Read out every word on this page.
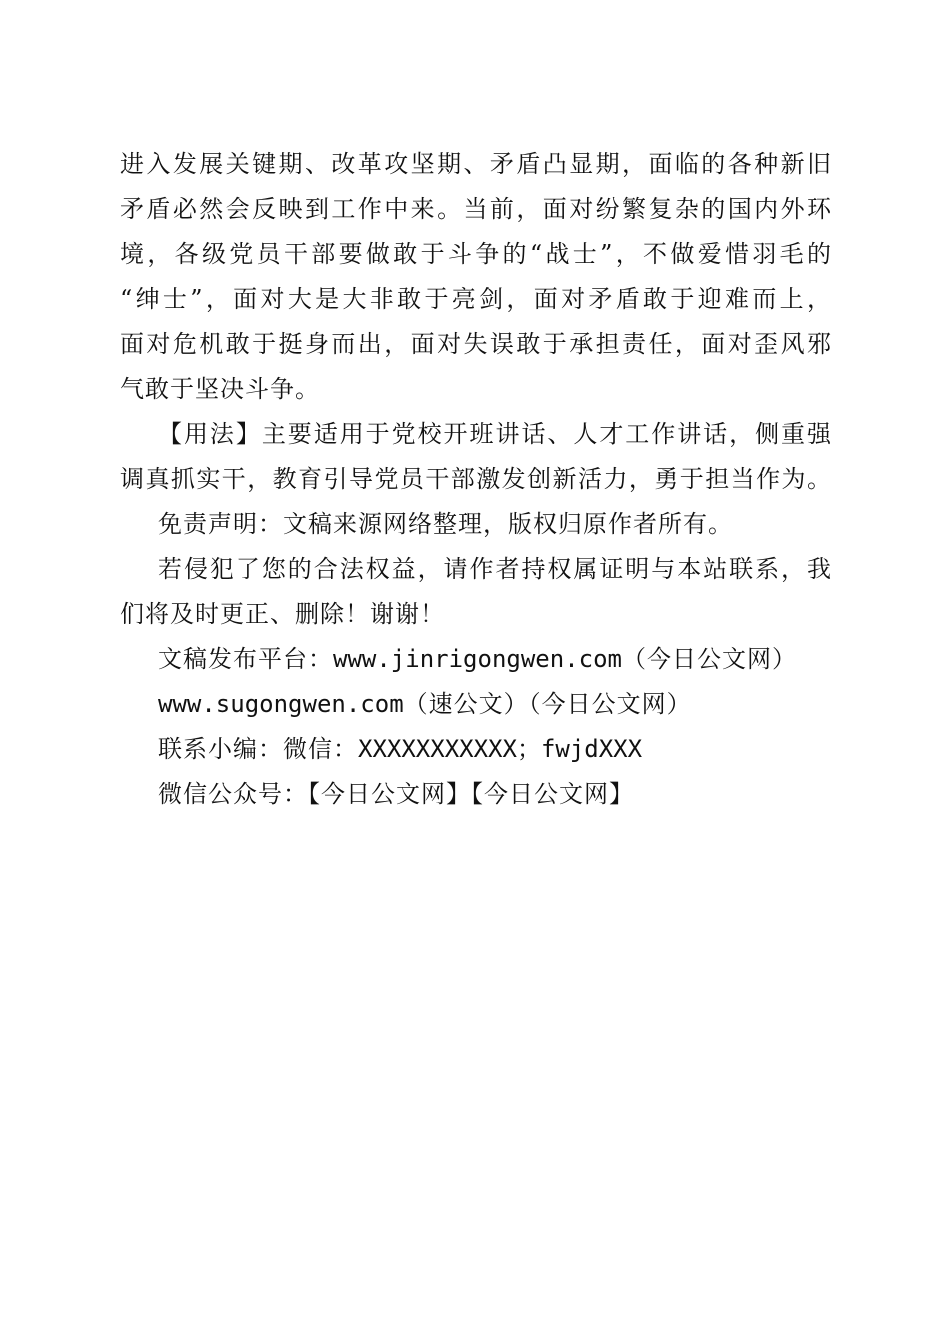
进入发展关键期、改革攻坚期、矛盾凸显期，面临的各种新旧
矛盾必然会反映到工作中来。当前，面对纷繁复杂的国内外环
境，各级党员干部要做敢于斗争的“战士”，不做爱惜羽毛的
“绅士”，面对大是大非敢于亮剑，面对矛盾敢于迎难而上，
面对危机敢于挺身而出，面对失误敢于承担责任，面对歪风邪
气敢于坚决斗争。
【用法】主要适用于党校开班讲话、人才工作讲话，侧重强
调真抓实干，教育引导党员干部激发创新活力，勇于担当作为。
免责声明：文稿来源网络整理，版权归原作者所有。
若侵犯了您的合法权益，请作者持权属证明与本站联系，我
们将及时更正、删除！谢谢！
文稿发布平台：www.jinrigongwen.com（今日公文网）
www.sugongwen.com（速公文）（今日公文网）
联系小编：微信：XXXXXXXXXXX；fwjdXXX
微信公众号：【今日公文网】【今日公文网】
